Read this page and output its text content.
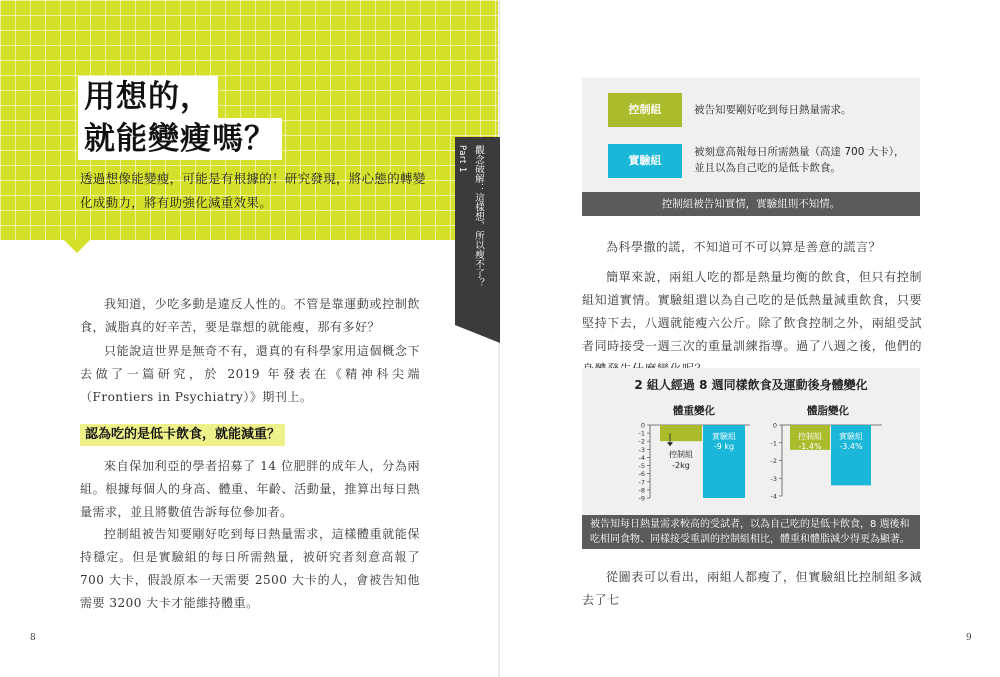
用想的，
就能變瘦嗎？

透過想像能變瘦，可能是有根據的！研究發現，將心態的轉變化成動力，將有助強化減重效果。

我知道，少吃多動是違反人性的。不管是靠運動或控制飲食，減脂真的好辛苦，要是靠想的就能瘦，那有多好？

只能說這世界是無奇不有，還真的有科學家用這個概念下去做了一篇研究，於 2019 年發表在《精神科尖端（Frontiers in Psychiatry）》期刊上。

認為吃的是低卡飲食，就能減重？

來自保加利亞的學者招募了 14 位肥胖的成年人，分為兩組。根據每個人的身高、體重、年齡、活動量，推算出每日熱量需求，並且將數值告訴每位參加者。

控制組被告知要剛好吃到每日熱量需求，這樣體重就能保持穩定。但是實驗組的每日所需熱量，被研究者刻意高報了 700 大卡，假設原本一天需要 2500 大卡的人，會被告知他需要 3200 大卡才能維持體重。

8
控制組	被告知要剛好吃到每日熱量需求。
實驗組
被刻意高報每日所需熱量（高達 700 大卡），
並且以為自己吃的是低卡飲食。
控制組被告知實情，實驗組則不知情。

為科學撒的謊，不知道可不可以算是善意的謊言？

簡單來說，兩組人吃的都是熱量均衡的飲食，但只有控制組知道實情。實驗組還以為自己吃的是低熱量減重飲食，只要堅持下去，八週就能瘦六公斤。除了飲食控制之外，兩組受試者同時接受一週三次的重量訓練指導。過了八週之後，他們的

2 組人經過 8 週同樣飲食及運動後身體變化
體重變化
0
-1
-2
-3
-4
-5
-6
-7
-8
-9
控制組
-2kg
實驗組
-9 kg
體脂變化
0
-1
-2
-3
-4
控制組
-1.4%
實驗組
-3.4%
被告知每日熱量需求較高的受試者，以為自己吃的是低卡飲食，8 週後和吃相同食物、同樣接受重訓的控制組相比，體重和體脂減少得更為顯著。

從圖表可以看出，兩組人都瘦了，但實驗組比控制組多減去了七

9
Part 1 觀念破解：這樣想，所以瘦不了？
